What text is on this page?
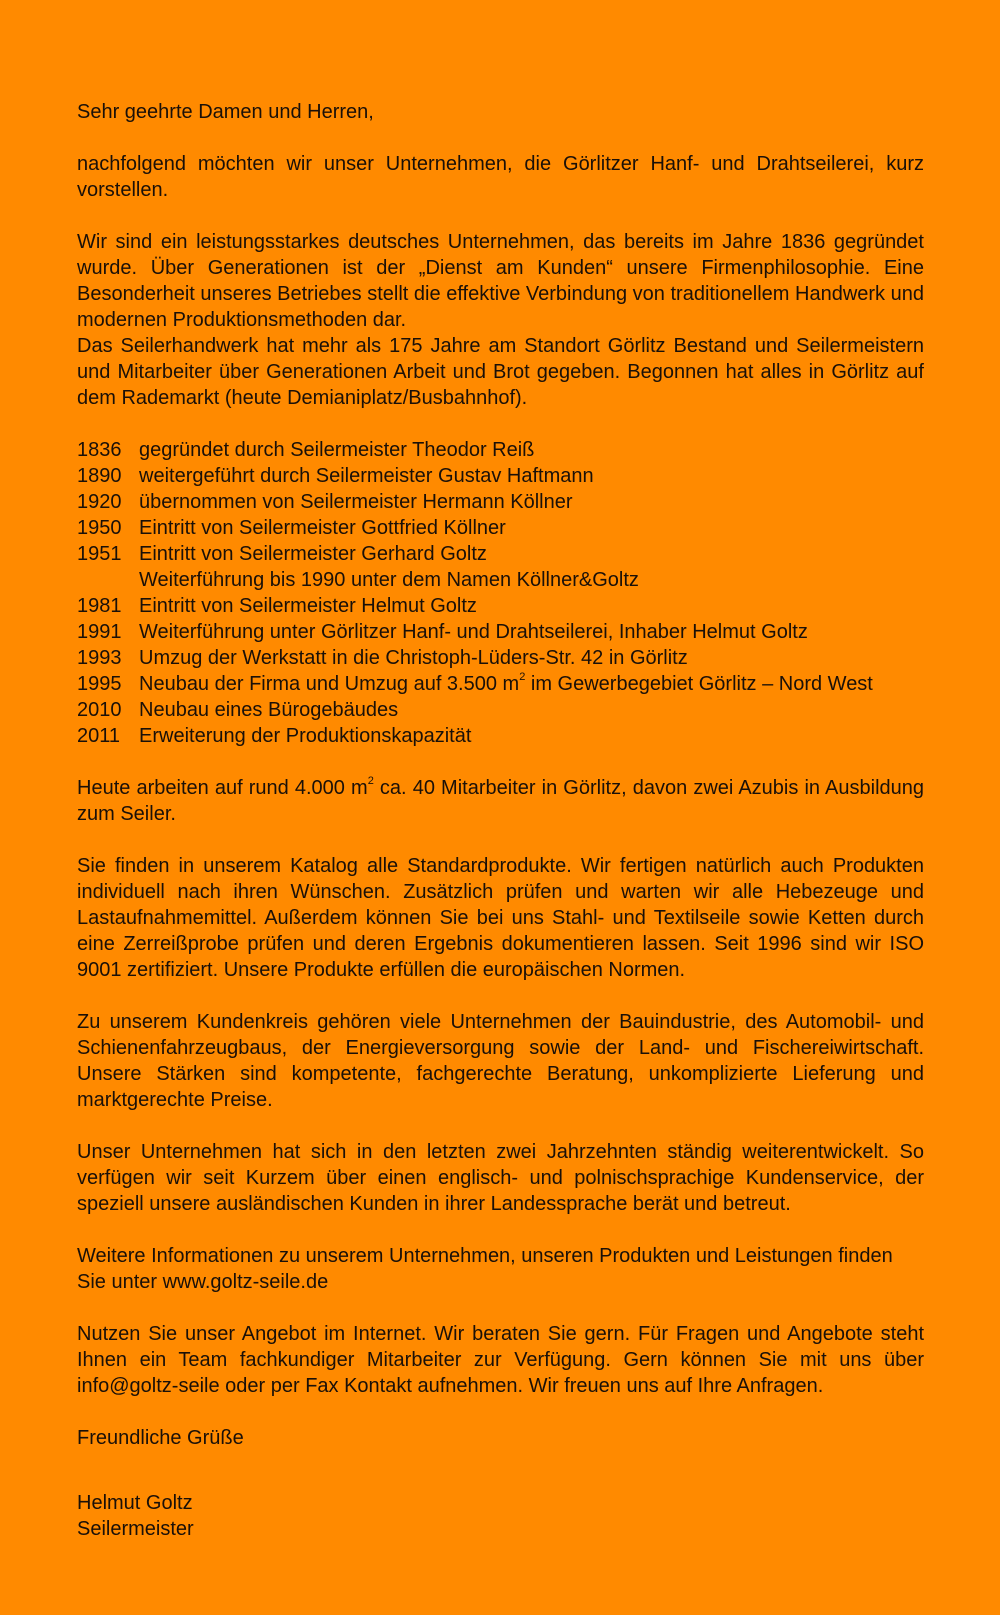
Sehr geehrte Damen und Herren,

nachfolgend möchten wir unser Unternehmen, die Görlitzer Hanf- und Drahtseilerei, kurz vorstellen.

Wir sind ein leistungsstarkes deutsches Unternehmen, das bereits im Jahre 1836 gegründet wurde. Über Generationen ist der „Dienst am Kunden“ unsere Firmenphilosophie. Eine Besonderheit unseres Betriebes stellt die effektive Verbindung von traditionellem Handwerk und modernen Produktionsmethoden dar.

Das Seilerhandwerk hat mehr als 175 Jahre am Standort Görlitz Bestand und Seilermeistern und Mitarbeiter über Generationen Arbeit und Brot gegeben. Begonnen hat alles in Görlitz auf dem Rademarkt (heute Demianiplatz/Busbahnhof).

1836 gegründet durch Seilermeister Theodor Reiß
1890 weitergeführt durch Seilermeister Gustav Haftmann
1920 übernommen von Seilermeister Hermann Köllner
1950 Eintritt von Seilermeister Gottfried Köllner
1951 Eintritt von Seilermeister Gerhard Goltz
Weiterführung bis 1990 unter dem Namen Köllner&Goltz
1981 Eintritt von Seilermeister Helmut Goltz
1991 Weiterführung unter Görlitzer Hanf- und Drahtseilerei, Inhaber Helmut Goltz
1993 Umzug der Werkstatt in die Christoph-Lüders-Str. 42 in Görlitz
1995 Neubau der Firma und Umzug auf 3.500 $m^2$ im Gewerbegebiet Görlitz – Nord West
2010 Neubau eines Bürogebäudes
2011 Erweiterung der Produktionskapazität

Heute arbeiten auf rund 4.000 $m^2$ ca. 40 Mitarbeiter in Görlitz, davon zwei Azubis in Ausbildung zum Seiler.

Sie finden in unserem Katalog alle Standardprodukte. Wir fertigen natürlich auch Produkten individuell nach ihren Wünschen. Zusätzlich prüfen und warten wir alle Hebezeuge und Lastaufnahmemittel. Außerdem können Sie bei uns Stahl- und Textilseile sowie Ketten durch eine Zerreißprobe prüfen und deren Ergebnis dokumentieren lassen. Seit 1996 sind wir ISO 9001 zertifiziert. Unsere Produkte erfüllen die europäischen Normen.

Zu unserem Kundenkreis gehören viele Unternehmen der Bauindustrie, des Automobil- und Schienenfahrzeugbaus, der Energieversorgung sowie der Land- und Fischereiwirtschaft. Unsere Stärken sind kompetente, fachgerechte Beratung, unkomplizierte Lieferung und marktgerechte Preise.

Unser Unternehmen hat sich in den letzten zwei Jahrzehnten ständig weiterentwickelt. So verfügen wir seit Kurzem über einen englisch- und polnischsprachige Kundenservice, der speziell unsere ausländischen Kunden in ihrer Landessprache berät und betreut.

Weitere Informationen zu unserem Unternehmen, unseren Produkten und Leistungen finden Sie unter www.goltz-seile.de

Nutzen Sie unser Angebot im Internet. Wir beraten Sie gern. Für Fragen und Angebote steht Ihnen ein Team fachkundiger Mitarbeiter zur Verfügung. Gern können Sie mit uns über info@goltz-seile oder per Fax Kontakt aufnehmen. Wir freuen uns auf Ihre Anfragen.

Freundliche Grüße

Helmut Goltz
Seilermeister
